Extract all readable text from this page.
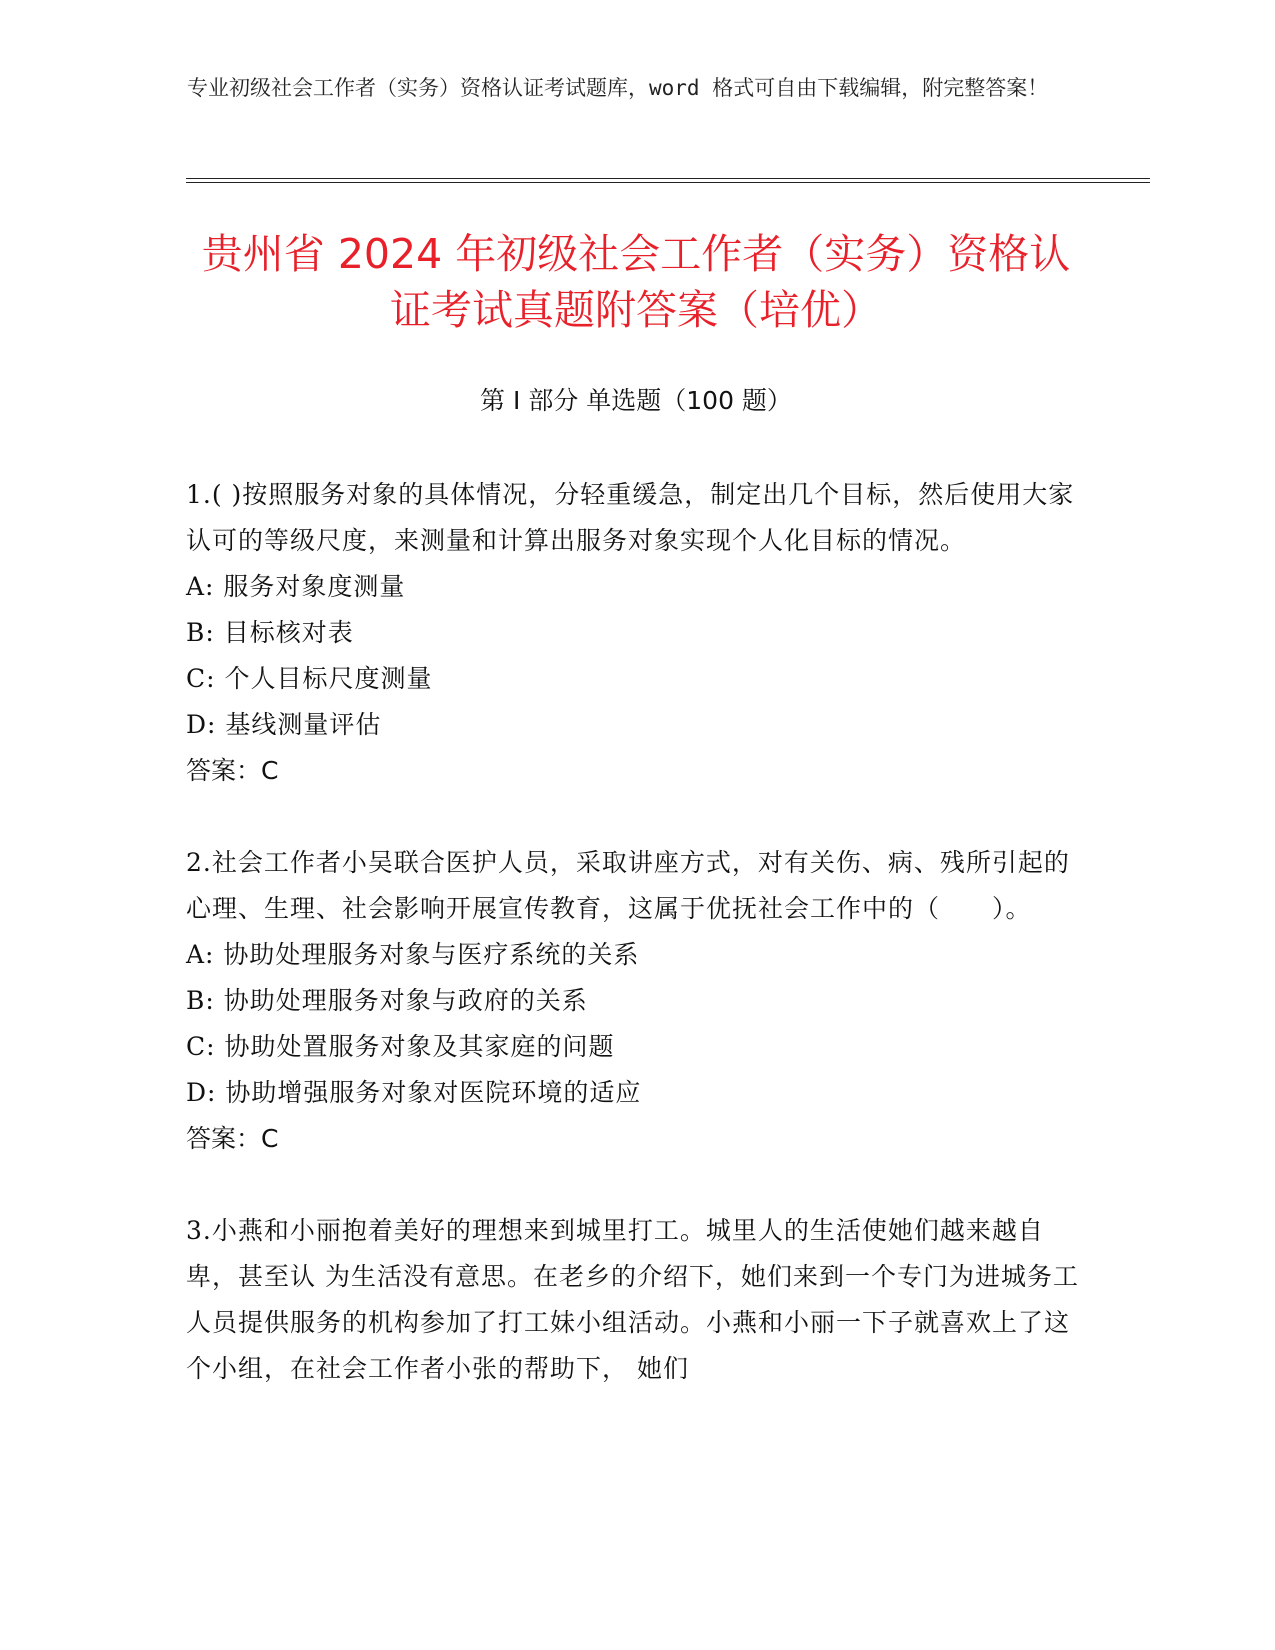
专业初级社会工作者（实务）资格认证考试题库，word 格式可自由下载编辑，附完整答案！
贵州省 2024 年初级社会工作者（实务）资格认证考试真题附答案（培优）
第 I 部分 单选题（100 题）
1.( )按照服务对象的具体情况，分轻重缓急，制定出几个目标，然后使用大家认可的等级尺度，来测量和计算出服务对象实现个人化目标的情况。
A: 服务对象度测量
B: 目标核对表
C: 个人目标尺度测量
D: 基线测量评估
答案：C
2.社会工作者小吴联合医护人员，采取讲座方式，对有关伤、病、残所引起的心理、生理、社会影响开展宣传教育，这属于优抚社会工作中的（　　）。
A: 协助处理服务对象与医疗系统的关系
B: 协助处理服务对象与政府的关系
C: 协助处置服务对象及其家庭的问题
D: 协助增强服务对象对医院环境的适应
答案：C
3.小燕和小丽抱着美好的理想来到城里打工。城里人的生活使她们越来越自卑，甚至认 为生活没有意思。在老乡的介绍下，她们来到一个专门为进城务工人员提供服务的机构参加了打工妹小组活动。小燕和小丽一下子就喜欢上了这个小组，在社会工作者小张的帮助下， 她们
